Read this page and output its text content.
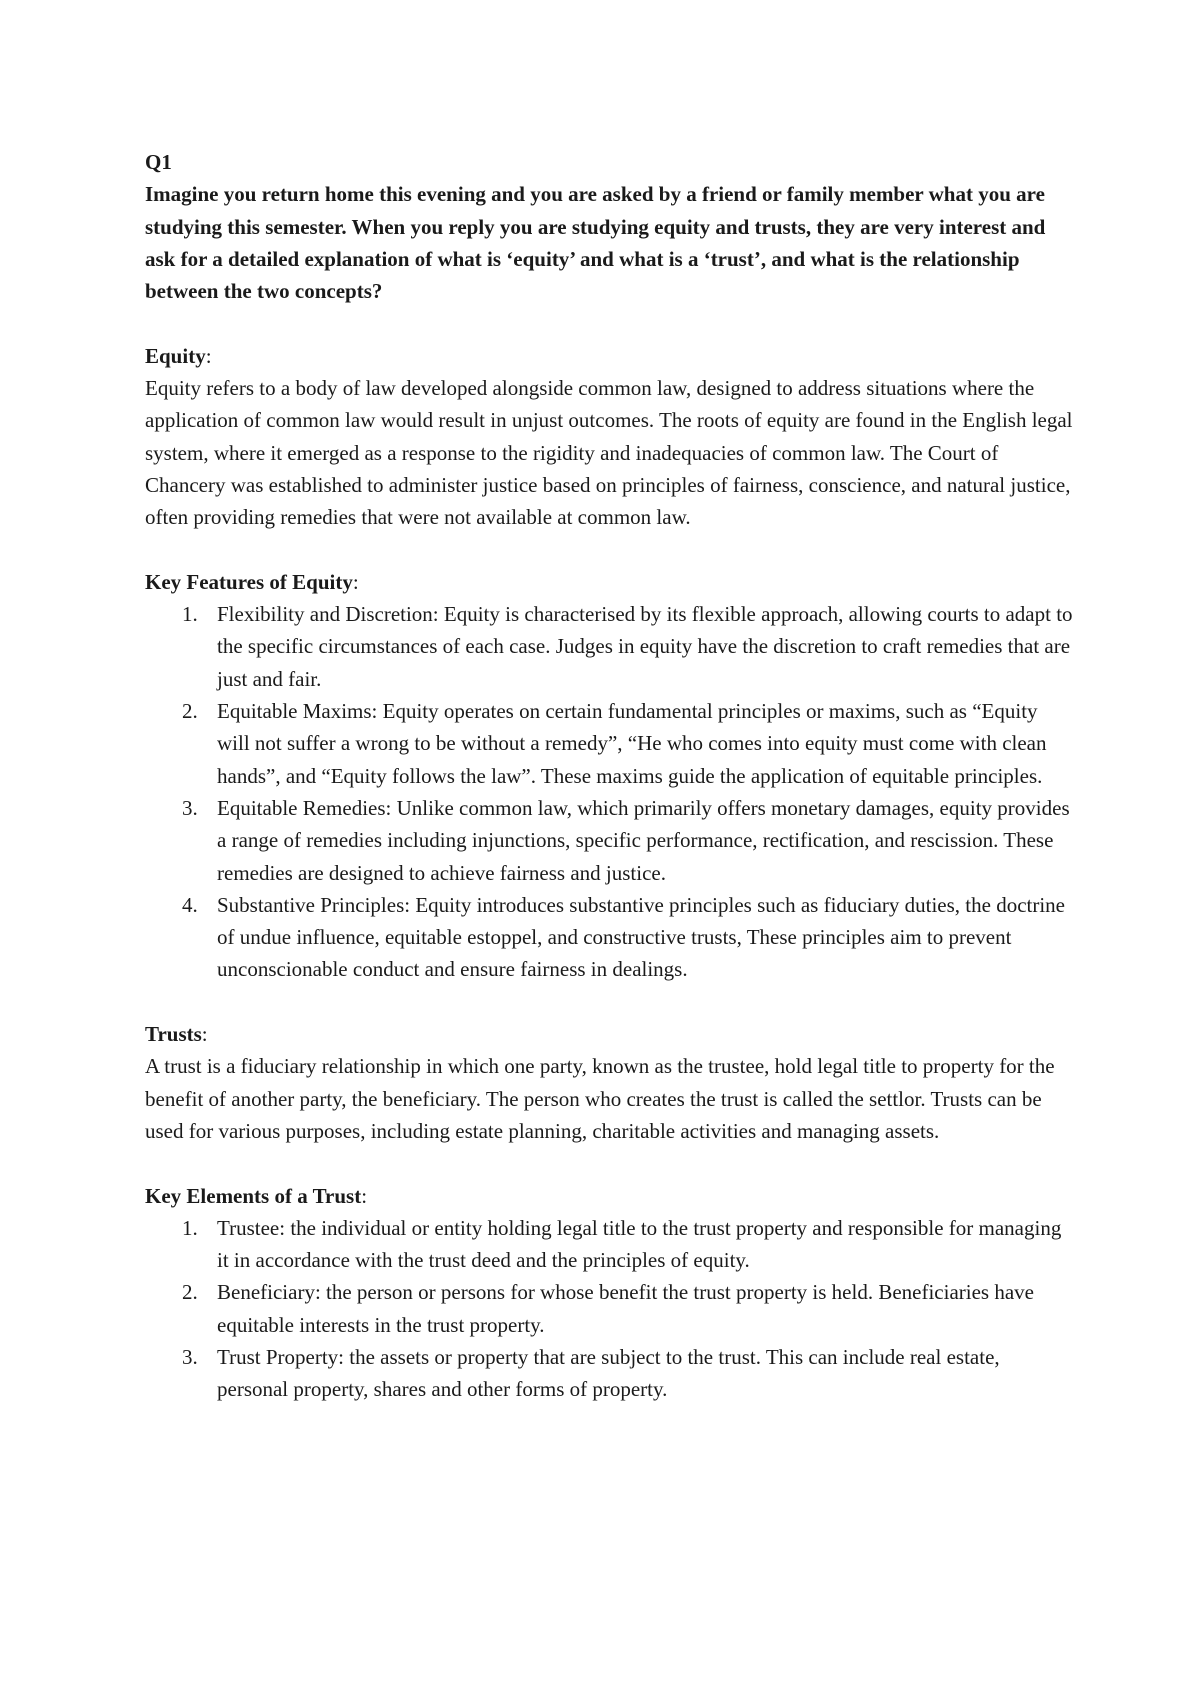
Q1

Imagine you return home this evening and you are asked by a friend or family member what you are studying this semester. When you reply you are studying equity and trusts, they are very interest and ask for a detailed explanation of what is ‘equity’ and what is a ‘trust’, and what is the relationship between the two concepts?

Equity:

Equity refers to a body of law developed alongside common law, designed to address situations where the application of common law would result in unjust outcomes. The roots of equity are found in the English legal system, where it emerged as a response to the rigidity and inadequacies of common law. The Court of Chancery was established to administer justice based on principles of fairness, conscience, and natural justice, often providing remedies that were not available at common law.

Key Features of Equity:

1. Flexibility and Discretion: Equity is characterised by its flexible approach, allowing courts to adapt to the specific circumstances of each case. Judges in equity have the discretion to craft remedies that are just and fair.
2. Equitable Maxims: Equity operates on certain fundamental principles or maxims, such as “Equity will not suffer a wrong to be without a remedy”, “He who comes into equity must come with clean hands”, and “Equity follows the law”. These maxims guide the application of equitable principles.
3. Equitable Remedies: Unlike common law, which primarily offers monetary damages, equity provides a range of remedies including injunctions, specific performance, rectification, and rescission. These remedies are designed to achieve fairness and justice.
4. Substantive Principles: Equity introduces substantive principles such as fiduciary duties, the doctrine of undue influence, equitable estoppel, and constructive trusts, These principles aim to prevent unconscionable conduct and ensure fairness in dealings.

Trusts:

A trust is a fiduciary relationship in which one party, known as the trustee, hold legal title to property for the benefit of another party, the beneficiary. The person who creates the trust is called the settlor. Trusts can be used for various purposes, including estate planning, charitable activities and managing assets.

Key Elements of a Trust:

1. Trustee: the individual or entity holding legal title to the trust property and responsible for managing it in accordance with the trust deed and the principles of equity.
2. Beneficiary: the person or persons for whose benefit the trust property is held. Beneficiaries have equitable interests in the trust property.
3. Trust Property: the assets or property that are subject to the trust. This can include real estate, personal property, shares and other forms of property.
